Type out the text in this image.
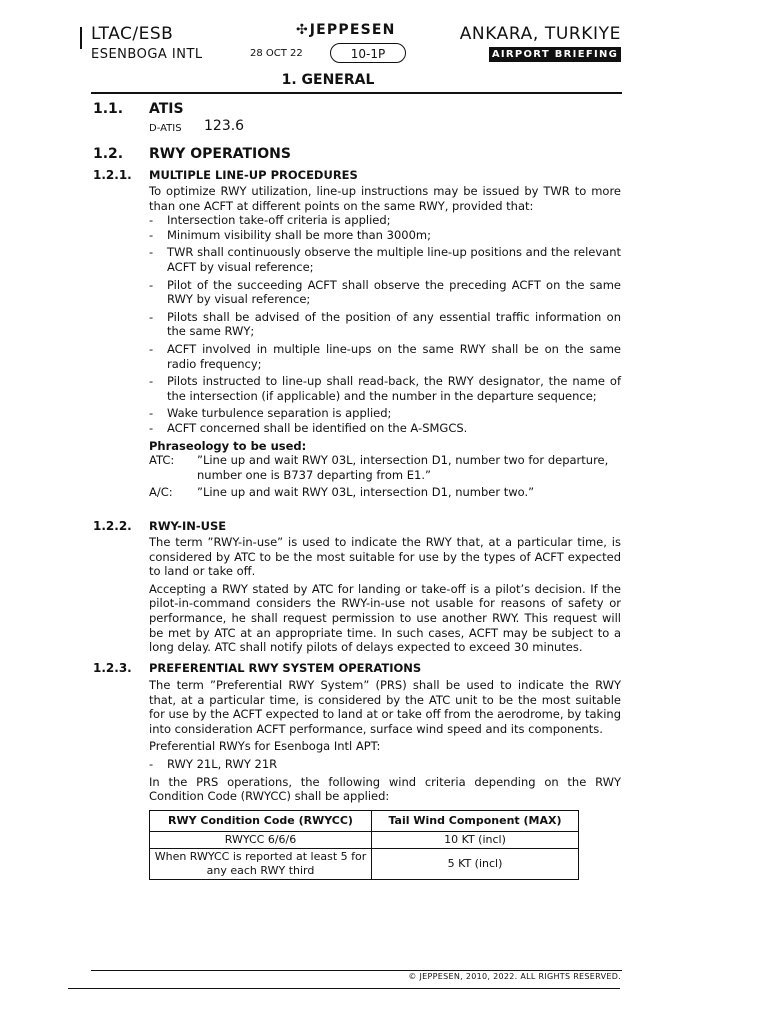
LTAC/ESB
ESENBOGA INTL
✣ JEPPESEN
28 OCT 22	10-1P
ANKARA, TURKIYE
AIRPORT BRIEFING
1. GENERAL
1.1. ATIS
D-ATIS 123.6
1.2. RWY OPERATIONS
1.2.1. MULTIPLE LINE-UP PROCEDURES

To optimize RWY utilization, line-up instructions may be issued by TWR to more than one ACFT at different points on the same RWY, provided that:

- Intersection take-off criteria is applied;
- Minimum visibility shall be more than 3000m;
- TWR shall continuously observe the multiple line-up positions and the relevant ACFT by visual reference;
- Pilot of the succeeding ACFT shall observe the preceding ACFT on the same RWY by visual reference;
- Pilots shall be advised of the position of any essential traffic information on the same RWY;
- ACFT involved in multiple line-ups on the same RWY shall be on the same radio frequency;
- Pilots instructed to line-up shall read-back, the RWY designator, the name of the intersection (if applicable) and the number in the departure sequence;
- Wake turbulence separation is applied;
- ACFT concerned shall be identified on the A-SMGCS.

Phraseology to be used:

ATC:	”Line up and wait RWY 03L, intersection D1, number two for departure, number one is B737 departing from E1.”
A/C:	”Line up and wait RWY 03L, intersection D1, number two.”
1.2.2. RWY-IN-USE

The term ”RWY-in-use” is used to indicate the RWY that, at a particular time, is considered by ATC to be the most suitable for use by the types of ACFT expected to land or take off.

Accepting a RWY stated by ATC for landing or take-off is a pilot’s decision. If the pilot-in-command considers the RWY-in-use not usable for reasons of safety or performance, he shall request permission to use another RWY. This request will be met by ATC at an appropriate time. In such cases, ACFT may be subject to a long delay. ATC shall notify pilots of delays expected to exceed 30 minutes.

1.2.3. PREFERENTIAL RWY SYSTEM OPERATIONS

The term ”Preferential RWY System” (PRS) shall be used to indicate the RWY that, at a particular time, is considered by the ATC unit to be the most suitable for use by the ACFT expected to land at or take off from the aerodrome, by taking into consideration ACFT performance, surface wind speed and its components.

Preferential RWYs for Esenboga Intl APT:

- RWY 21L, RWY 21R

In the PRS operations, the following wind criteria depending on the RWY Condition Code (RWYCC) shall be applied:

RWY Condition Code (RWYCC)	Tail Wind Component (MAX)
RWYCC 6/6/6	10 KT (incl)
When RWYCC is reported at least 5 for any each RWY third	5 KT (incl)
© JEPPESEN, 2010, 2022. ALL RIGHTS RESERVED.
